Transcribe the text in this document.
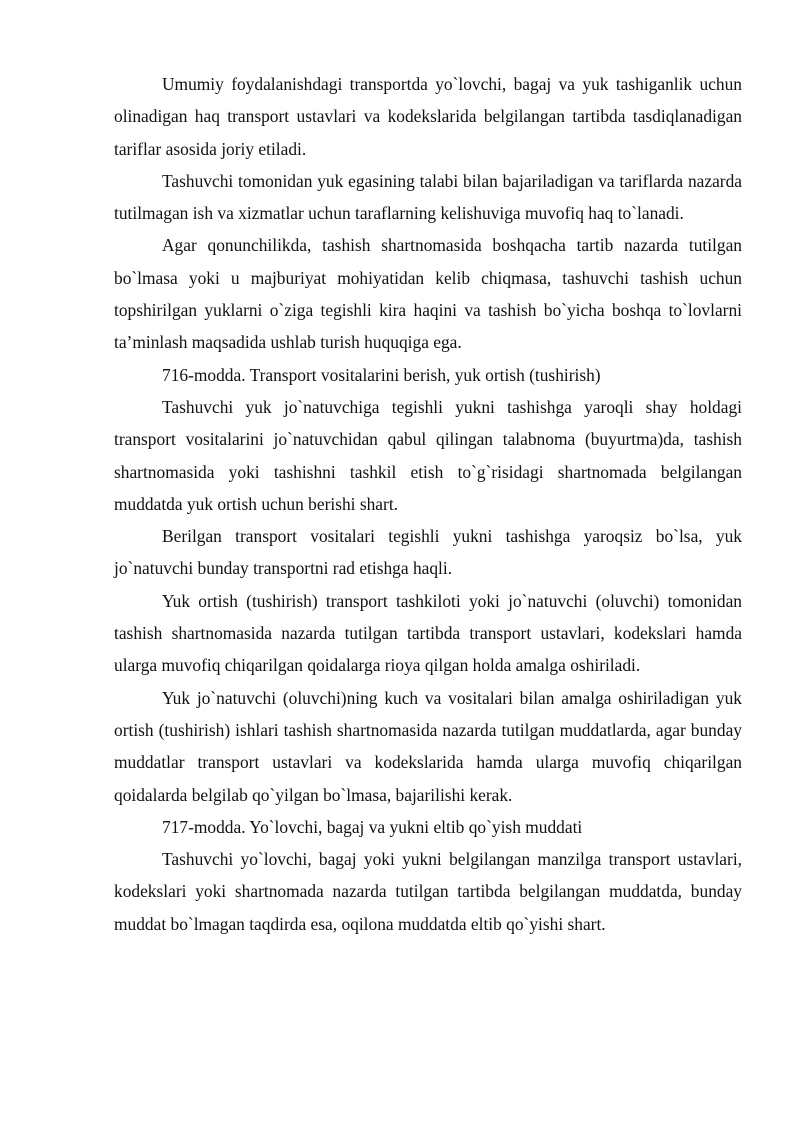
Umumiy foydalanishdagi transportda yo`lovchi, bagaj va yuk tashiganlik uchun olinadigan haq transport ustavlari va kodekslarida belgilangan tartibda tasdiqlanadigan tariflar asosida joriy etiladi.

Tashuvchi tomonidan yuk egasining talabi bilan bajariladigan va tariflarda nazarda tutilmagan ish va xizmatlar uchun taraflarning kelishuviga muvofiq haq to`lanadi.

Agar qonunchilikda, tashish shartnomasida boshqacha tartib nazarda tutilgan bo`lmasa yoki u majburiyat mohiyatidan kelib chiqmasa, tashuvchi tashish uchun topshirilgan yuklarni o`ziga tegishli kira haqini va tashish bo`yicha boshqa to`lovlarni ta’minlash maqsadida ushlab turish huquqiga ega.

716-modda. Transport vositalarini berish, yuk ortish (tushirish)

Tashuvchi yuk jo`natuvchiga tegishli yukni tashishga yaroqli shay holdagi transport vositalarini jo`natuvchidan qabul qilingan talabnoma (buyurtma)da, tashish shartnomasida yoki tashishni tashkil etish to`g`risidagi shartnomada belgilangan muddatda yuk ortish uchun berishi shart.

Berilgan transport vositalari tegishli yukni tashishga yaroqsiz bo`lsa, yuk jo`natuvchi bunday transportni rad etishga haqli.

Yuk ortish (tushirish) transport tashkiloti yoki jo`natuvchi (oluvchi) tomonidan tashish shartnomasida nazarda tutilgan tartibda transport ustavlari, kodekslari hamda ularga muvofiq chiqarilgan qoidalarga rioya qilgan holda amalga oshiriladi.

Yuk jo`natuvchi (oluvchi)ning kuch va vositalari bilan amalga oshiriladigan yuk ortish (tushirish) ishlari tashish shartnomasida nazarda tutilgan muddatlarda, agar bunday muddatlar transport ustavlari va kodekslarida hamda ularga muvofiq chiqarilgan qoidalarda belgilab qo`yilgan bo`lmasa, bajarilishi kerak.

717-modda. Yo`lovchi, bagaj va yukni eltib qo`yish muddati

Tashuvchi yo`lovchi, bagaj yoki yukni belgilangan manzilga transport ustavlari, kodekslari yoki shartnomada nazarda tutilgan tartibda belgilangan muddatda, bunday muddat bo`lmagan taqdirda esa, oqilona muddatda eltib qo`yishi shart.
